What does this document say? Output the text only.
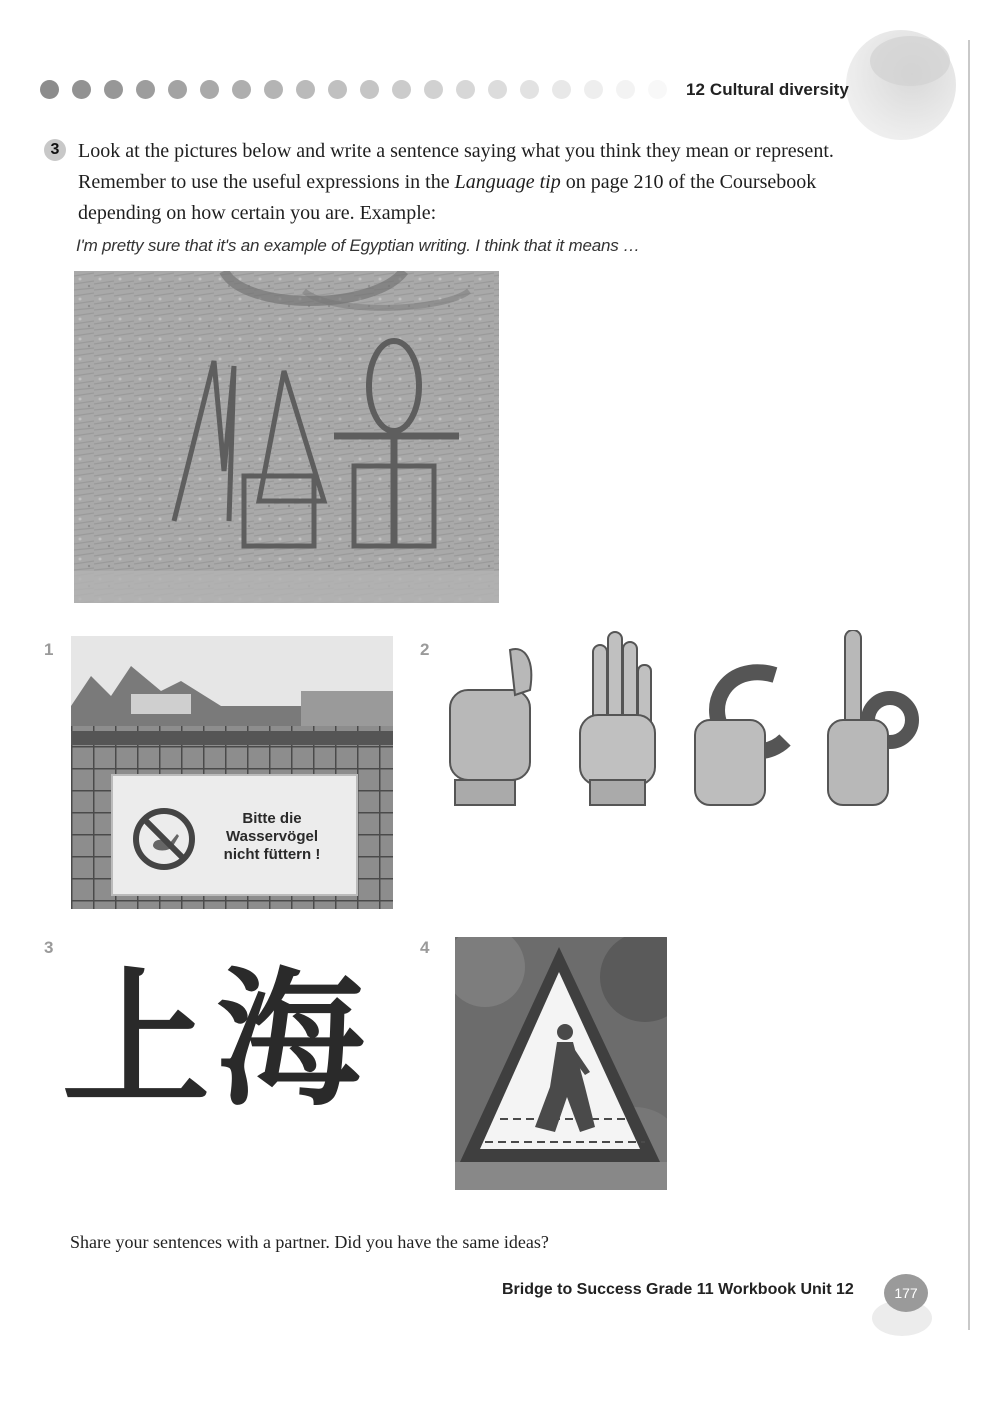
12 Cultural diversity
3 Look at the pictures below and write a sentence saying what you think they mean or represent. Remember to use the useful expressions in the Language tip on page 210 of the Coursebook depending on how certain you are. Example:
I'm pretty sure that it's an example of Egyptian writing. I think that it means …
1	2
3	4
Bitte die
Wasservögel
nicht füttern !
上海
Share your sentences with a partner. Did you have the same ideas?
Bridge to Success Grade 11 Workbook Unit 12	177
